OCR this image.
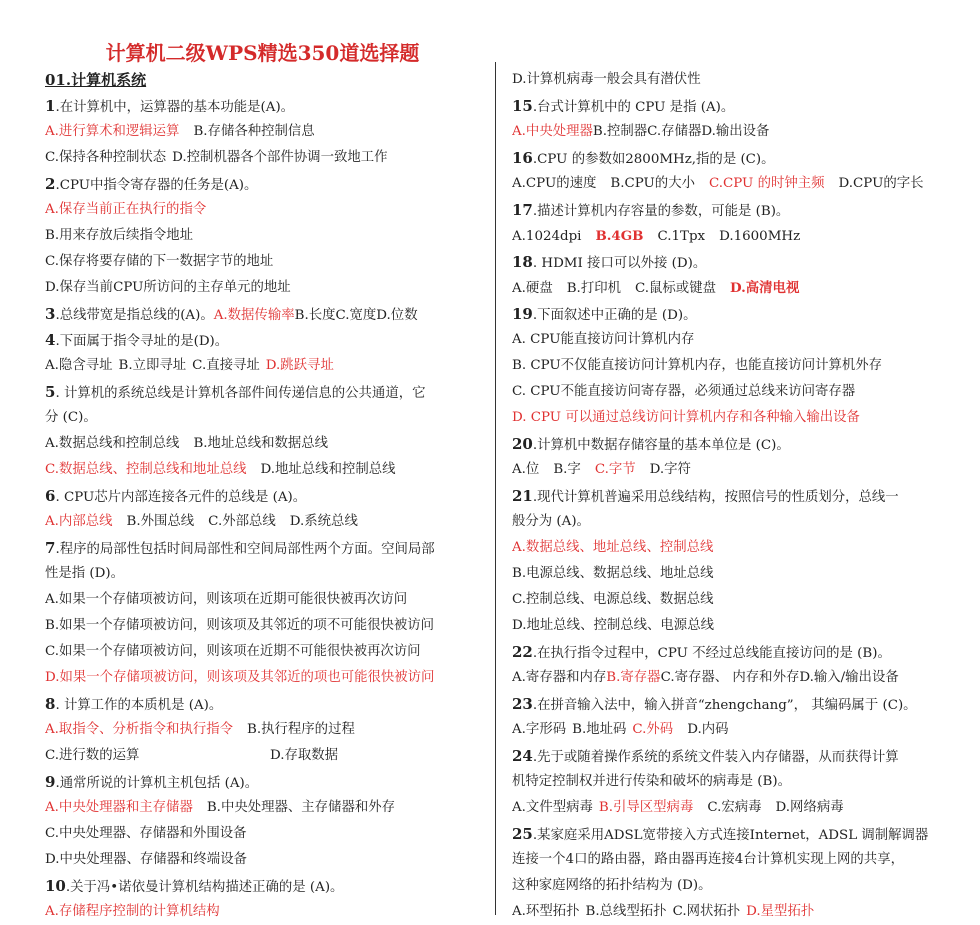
计算机二级WPS精选350道选择题
01.计算机系统
1.在计算机中，运算器的基本功能是(A)。
A.进行算术和逻辑运算 B.存储各种控制信息
C.保持各种控制状态 D.控制机器各个部件协调一致地工作
2.CPU中指令寄存器的任务是(A)。
A.保存当前正在执行的指令
B.用来存放后续指令地址
C.保存将要存储的下一数据字节的地址
D.保存当前CPU所访问的主存单元的地址
3.总线带宽是指总线的(A)。A.数据传输率B.长度C.宽度D.位数
4.下面属于指令寻址的是(D)。
A.隐含寻址 B.立即寻址 C.直接寻址 D.跳跃寻址
5. 计算机的系统总线是计算机各部件间传递信息的公共通道，它
分 (C)。
A.数据总线和控制总线 B.地址总线和数据总线
C.数据总线、控制总线和地址总线 D.地址总线和控制总线
6. CPU芯片内部连接各元件的总线是 (A)。
A.内部总线 B.外围总线 C.外部总线 D.系统总线
7.程序的局部性包括时间局部性和空间局部性两个方面。空间局部
性是指 (D)。
A.如果一个存储项被访问，则该项在近期可能很快被再次访问
B.如果一个存储项被访问，则该项及其邻近的项不可能很快被访问
C.如果一个存储项被访问，则该项在近期不可能很快被再次访问
D.如果一个存储项被访问，则该项及其邻近的项也可能很快被访问
8. 计算工作的本质机是 (A)。
A.取指令、分析指令和执行指令 B.执行程序的过程
C.进行数的运算	D.存取数据
9.通常所说的计算机主机包括 (A)。
A.中央处理器和主存储器 B.中央处理器、主存储器和外存
C.中央处理器、存储器和外围设备
D.中央处理器、存储器和终端设备
10.关于冯•诺依曼计算机结构描述正确的是 (A)。
A.存储程序控制的计算机结构
D.计算机病毒一般会具有潜伏性
15.台式计算机中的 CPU 是指 (A)。
A.中央处理器B.控制器C.存储器D.输出设备
16.CPU 的参数如2800MHz,指的是 (C)。
A.CPU的速度 B.CPU的大小 C.CPU 的时钟主频 D.CPU的字长
17.描述计算机内存容量的参数，可能是 (B)。
A.1024dpi B.4GB C.1Tpx D.1600MHz
18. HDMI 接口可以外接 (D)。
A.硬盘 B.打印机 C.鼠标或键盘 D.高清电视
19.下面叙述中正确的是 (D)。
A. CPU能直接访问计算机内存
B. CPU不仅能直接访问计算机内存，也能直接访问计算机外存
C. CPU不能直接访问寄存器，必须通过总线来访问寄存器
D. CPU 可以通过总线访问计算机内存和各种输入输出设备
20.计算机中数据存储容量的基本单位是 (C)。
A.位 B.字 C.字节 D.字符
21.现代计算机普遍采用总线结构，按照信号的性质划分，总线一
般分为 (A)。
A.数据总线、地址总线、控制总线
B.电源总线、数据总线、地址总线
C.控制总线、电源总线、数据总线
D.地址总线、控制总线、电源总线
22.在执行指令过程中，CPU 不经过总线能直接访问的是 (B)。
A.寄存器和内存B.寄存器C.寄存器、 内存和外存D.输入/输出设备
23.在拼音输入法中，输入拼音“zhengchang”， 其编码属于 (C)。
A.字形码 B.地址码 C.外码 D.内码
24.先于或随着操作系统的系统文件装入内存储器，从而获得计算
机特定控制权并进行传染和破坏的病毒是 (B)。
A.文件型病毒 B.引导区型病毒 C.宏病毒 D.网络病毒
25.某家庭采用ADSL宽带接入方式连接Internet，ADSL 调制解调器
连接一个4口的路由器，路由器再连接4台计算机实现上网的共享，
这种家庭网络的拓扑结构为 (D)。
A.环型拓扑 B.总线型拓扑 C.网状拓扑 D.星型拓扑
